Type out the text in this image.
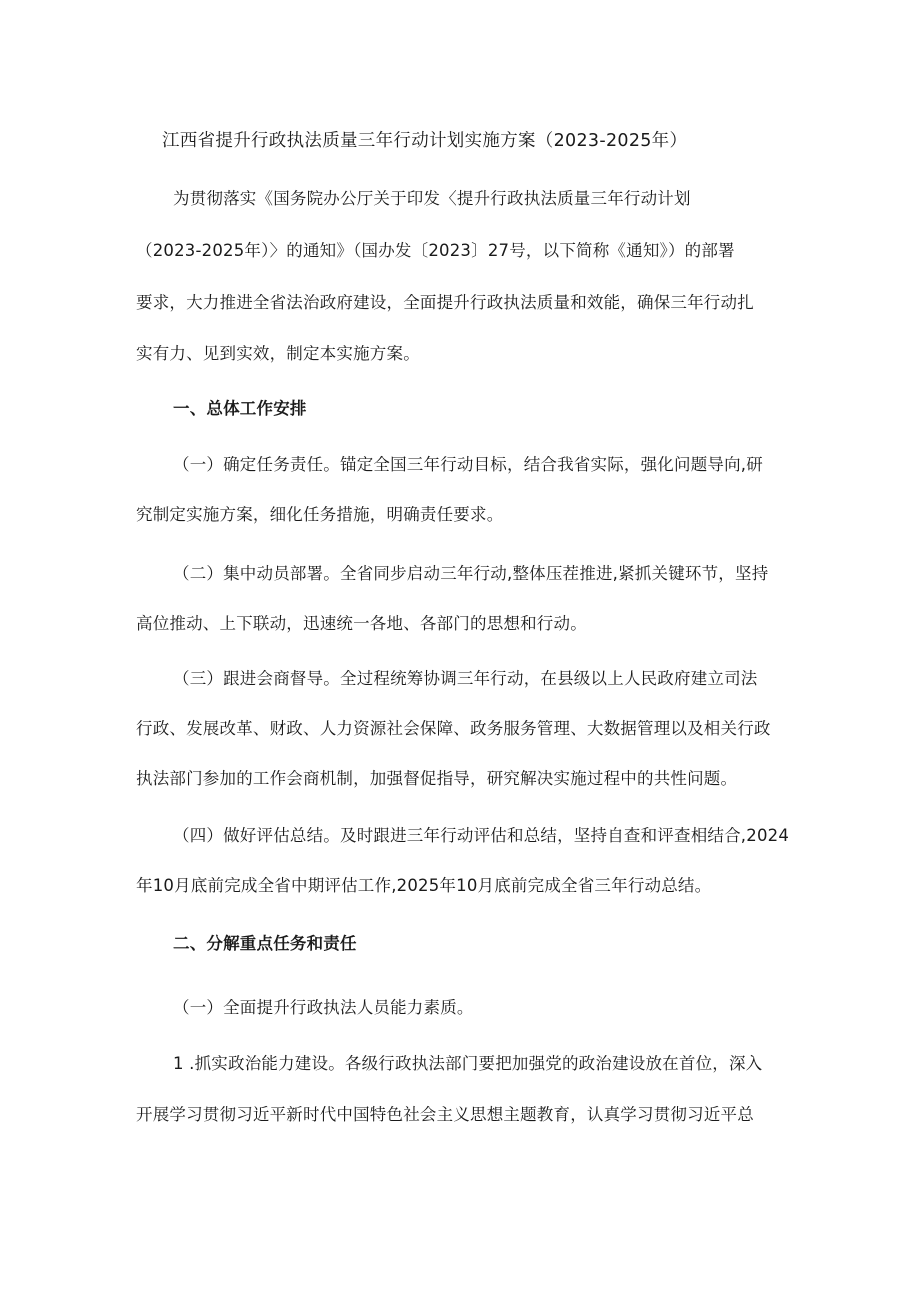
江西省提升行政执法质量三年行动计划实施方案（2023-2025年）
为贯彻落实《国务院办公厅关于印发〈提升行政执法质量三年行动计划
（2023-2025年）〉的通知》（国办发〔2023〕27号，以下简称《通知》）的部署
要求，大力推进全省法治政府建设，全面提升行政执法质量和效能，确保三年行动扎
实有力、见到实效，制定本实施方案。
一、总体工作安排
（一）确定任务责任。锚定全国三年行动目标，结合我省实际，强化问题导向,研
究制定实施方案，细化任务措施，明确责任要求。
（二）集中动员部署。全省同步启动三年行动,整体压茬推进,紧抓关键环节，坚持
高位推动、上下联动，迅速统一各地、各部门的思想和行动。
（三）跟进会商督导。全过程统筹协调三年行动，在县级以上人民政府建立司法
行政、发展改革、财政、人力资源社会保障、政务服务管理、大数据管理以及相关行政
执法部门参加的工作会商机制，加强督促指导，研究解决实施过程中的共性问题。
（四）做好评估总结。及时跟进三年行动评估和总结，坚持自查和评查相结合,2024
年10月底前完成全省中期评估工作,2025年10月底前完成全省三年行动总结。
二、分解重点任务和责任
（一）全面提升行政执法人员能力素质。
1 .抓实政治能力建设。各级行政执法部门要把加强党的政治建设放在首位，深入
开展学习贯彻习近平新时代中国特色社会主义思想主题教育，认真学习贯彻习近平总
